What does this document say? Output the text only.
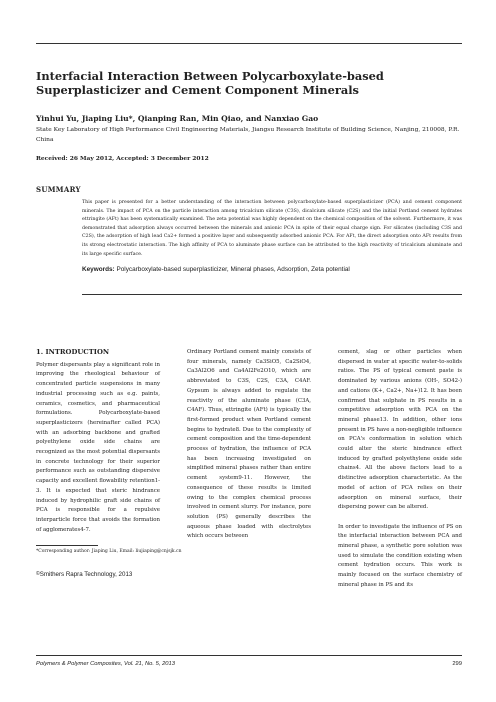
Interfacial Interaction Between Polycarboxylate-based Superplasticizer and Cement Component Minerals
Yinhui Yu, Jiaping Liu*, Qianping Ran, Min Qiao, and Nanxiao Gao
State Key Laboratory of High Performance Civil Engineering Materials, Jiangsu Research Institute of Building Science, Nanjing, 210008, P.R. China
Received: 26 May 2012, Accepted: 3 December 2012
SUMMARY
This paper is presented for a better understanding of the interaction between polycarboxylate-based superplasticizer (PCA) and cement component minerals. The impact of PCA on the particle interaction among tricalcium silicate (C3S), dicalcium silicate (C2S) and the initial Portland cement hydrates ettringite (AFt) has been systematically examined. The zeta potential was highly dependent on the chemical composition of the solvent. Furthermore, it was demonstrated that adsorption always occurred between the minerals and anionic PCA in spite of their equal charge sign. For silicates (including C3S and C2S), the adsorption of high lead Ca2+ formed a positive layer and subsequently adsorbed anionic PCA. For AFt, the direct adsorption onto AFt results from its strong electrostatic interaction. The high affinity of PCA to aluminate phase surface can be attributed to the high reactivity of tricalcium aluminate and its large specific surface.
Keywords: Polycarboxylate-based superplasticizer, Mineral phases, Adsorption, Zeta potential
1. INTRODUCTION

Polymer dispersants play a significant role in improving the rheological behaviour of concentrated particle suspensions in many industrial processing such as e.g. paints, ceramics, cosmetics, and pharmaceutical formulations. Polycarboxylate-based superplasticizers (hereinafter called PCA) with an adsorbing backbone and grafted polyethylene oxide side chains are recognized as the most potential dispersants in concrete technology for their superior performance such as outstanding dispersive capacity and excellent flowability retention1-3. It is expected that steric hindrance induced by hydrophilic graft side chains of PCA is responsible for a repulsive interparticle force that avoids the formation of agglomerates4-7.

Ordinary Portland cement mainly consists of four minerals, namely Ca3SiO5, Ca2SiO4, Ca3Al2O6 and Ca4Al2Fe2O10, which are abbreviated to C3S, C2S, C3A, C4AF. Gypsum is always added to regulate the reactivity of the aluminate phase (C3A, C4AF). Thus, ettringite (AFt) is typically the first-formed product when Portland cement begins to hydrate8. Due to the complexity of cement composition and the time-dependent process of hydration, the influence of PCA has been increasing investigated on simplified mineral phases rather than entire cement system9-11. However, the consequence of these results is limited owing to the complex chemical process involved in cement slurry. For instance, pore solution (PS) generally describes the aqueous phase loaded with electrolytes which occurs between

cement, slag or other particles when dispersed in water at specific water-to-solids ratios. The PS of typical cement paste is dominated by various anions (OH-, SO42-) and cations (K+, Ca2+, Na+)12. It has been confirmed that sulphate in PS results in a competitive adsorption with PCA on the mineral phase13. In addition, other ions present in PS have a non-negligible influence on PCA's conformation in solution which could alter the steric hindrance effect induced by grafted polyethylene oxide side chains4. All the above factors lead to a distinctive adsorption characteristic. As the model of action of PCA relies on their adsorption on mineral surface, their dispersing power can be altered.

In order to investigate the influence of PS on the interfacial interaction between PCA and mineral phase, a synthetic pore solution was used to simulate the condition existing when cement hydration occurs. This work is mainly focused on the surface chemistry of mineral phase in PS and its

*Corresponding author: Jiaping Liu, Email: liujiaping@cnjsjk.cn
©Smithers Rapra Technology, 2013
Polymers & Polymer Composites, Vol. 21, No. 5, 2013	299
